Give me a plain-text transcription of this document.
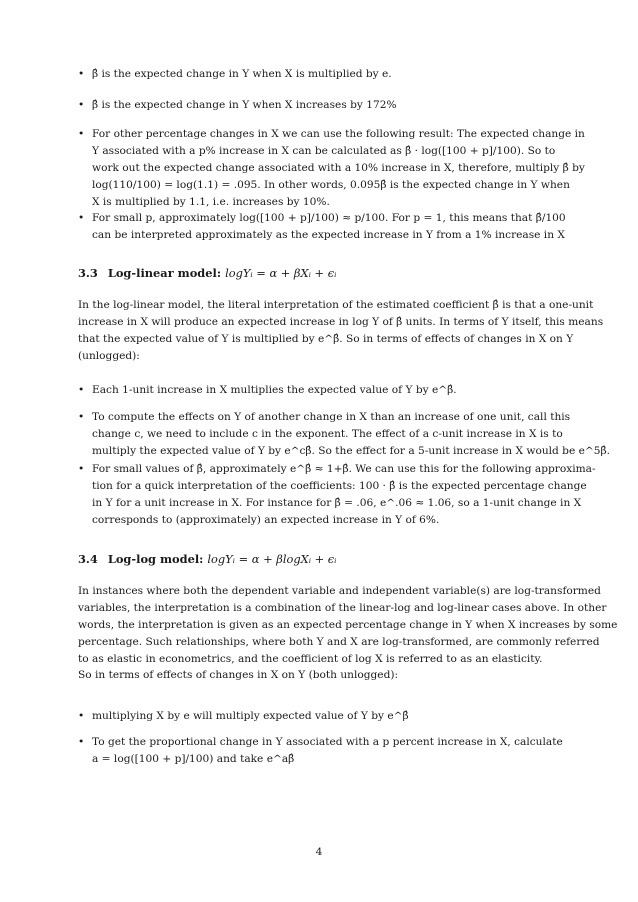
• β̂ is the expected change in Y when X is multiplied by e.
• β̂ is the expected change in Y when X increases by 172%
• For other percentage changes in X we can use the following result: The expected change in
Y associated with a p% increase in X can be calculated as β̂ · log([100 + p]/100). So to
work out the expected change associated with a 10% increase in X, therefore, multiply β̂ by
log(110/100) = log(1.1) = .095. In other words, 0.095β̂ is the expected change in Y when
X is multiplied by 1.1, i.e. increases by 10%.
• For small p, approximately log([100 + p]/100) ≈ p/100. For p = 1, this means that β̂/100
can be interpreted approximately as the expected increase in Y from a 1% increase in X
3.3 Log-linear model: logYᵢ = α + βXᵢ + ϵᵢ
In the log-linear model, the literal interpretation of the estimated coefficient β̂ is that a one-unit
increase in X will produce an expected increase in log Y of β̂ units. In terms of Y itself, this means
that the expected value of Y is multiplied by e^β̂. So in terms of effects of changes in X on Y
(unlogged):
• Each 1-unit increase in X multiplies the expected value of Y by e^β̂.
• To compute the effects on Y of another change in X than an increase of one unit, call this
change c, we need to include c in the exponent. The effect of a c-unit increase in X is to
multiply the expected value of Y by e^cβ̂. So the effect for a 5-unit increase in X would be e^5β̂.
• For small values of β̂, approximately e^β̂ ≈ 1+β̂. We can use this for the following approxima-
tion for a quick interpretation of the coefficients: 100 · β̂ is the expected percentage change
in Y for a unit increase in X. For instance for β̂ = .06, e^.06 ≈ 1.06, so a 1-unit change in X
corresponds to (approximately) an expected increase in Y of 6%.
3.4 Log-log model: logYᵢ = α + βlogXᵢ + ϵᵢ
In instances where both the dependent variable and independent variable(s) are log-transformed
variables, the interpretation is a combination of the linear-log and log-linear cases above. In other
words, the interpretation is given as an expected percentage change in Y when X increases by some
percentage. Such relationships, where both Y and X are log-transformed, are commonly referred
to as elastic in econometrics, and the coefficient of log X is referred to as an elasticity.
So in terms of effects of changes in X on Y (both unlogged):
• multiplying X by e will multiply expected value of Y by e^β̂
• To get the proportional change in Y associated with a p percent increase in X, calculate
a = log([100 + p]/100) and take e^aβ̂
4
